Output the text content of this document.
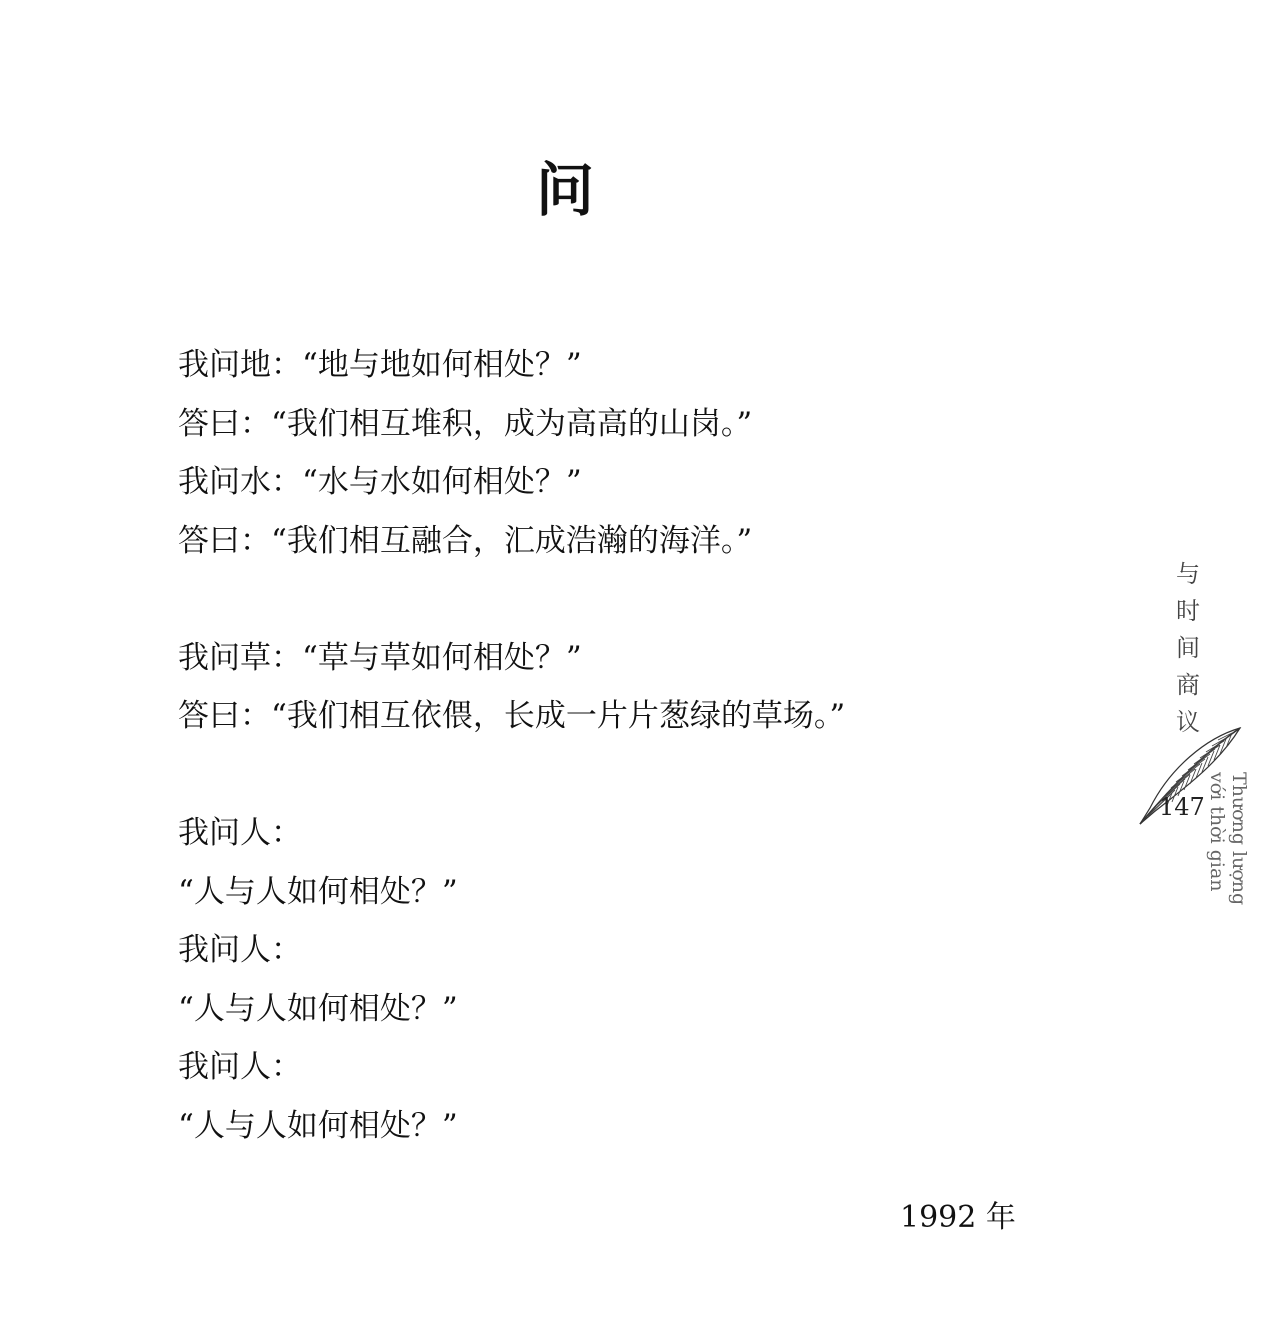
问
我问地：“地与地如何相处？”
答曰：“我们相互堆积，成为高高的山岗。”
我问水：“水与水如何相处？”
答曰：“我们相互融合，汇成浩瀚的海洋。”
我问草：“草与草如何相处？”
答曰：“我们相互依偎，长成一片片葱绿的草场。”
我问人：
“人与人如何相处？”
我问人：
“人与人如何相处？”
我问人：
“人与人如何相处？”
1992 年
与
时
间
商
议
147 Thương lượng
với thời gian
